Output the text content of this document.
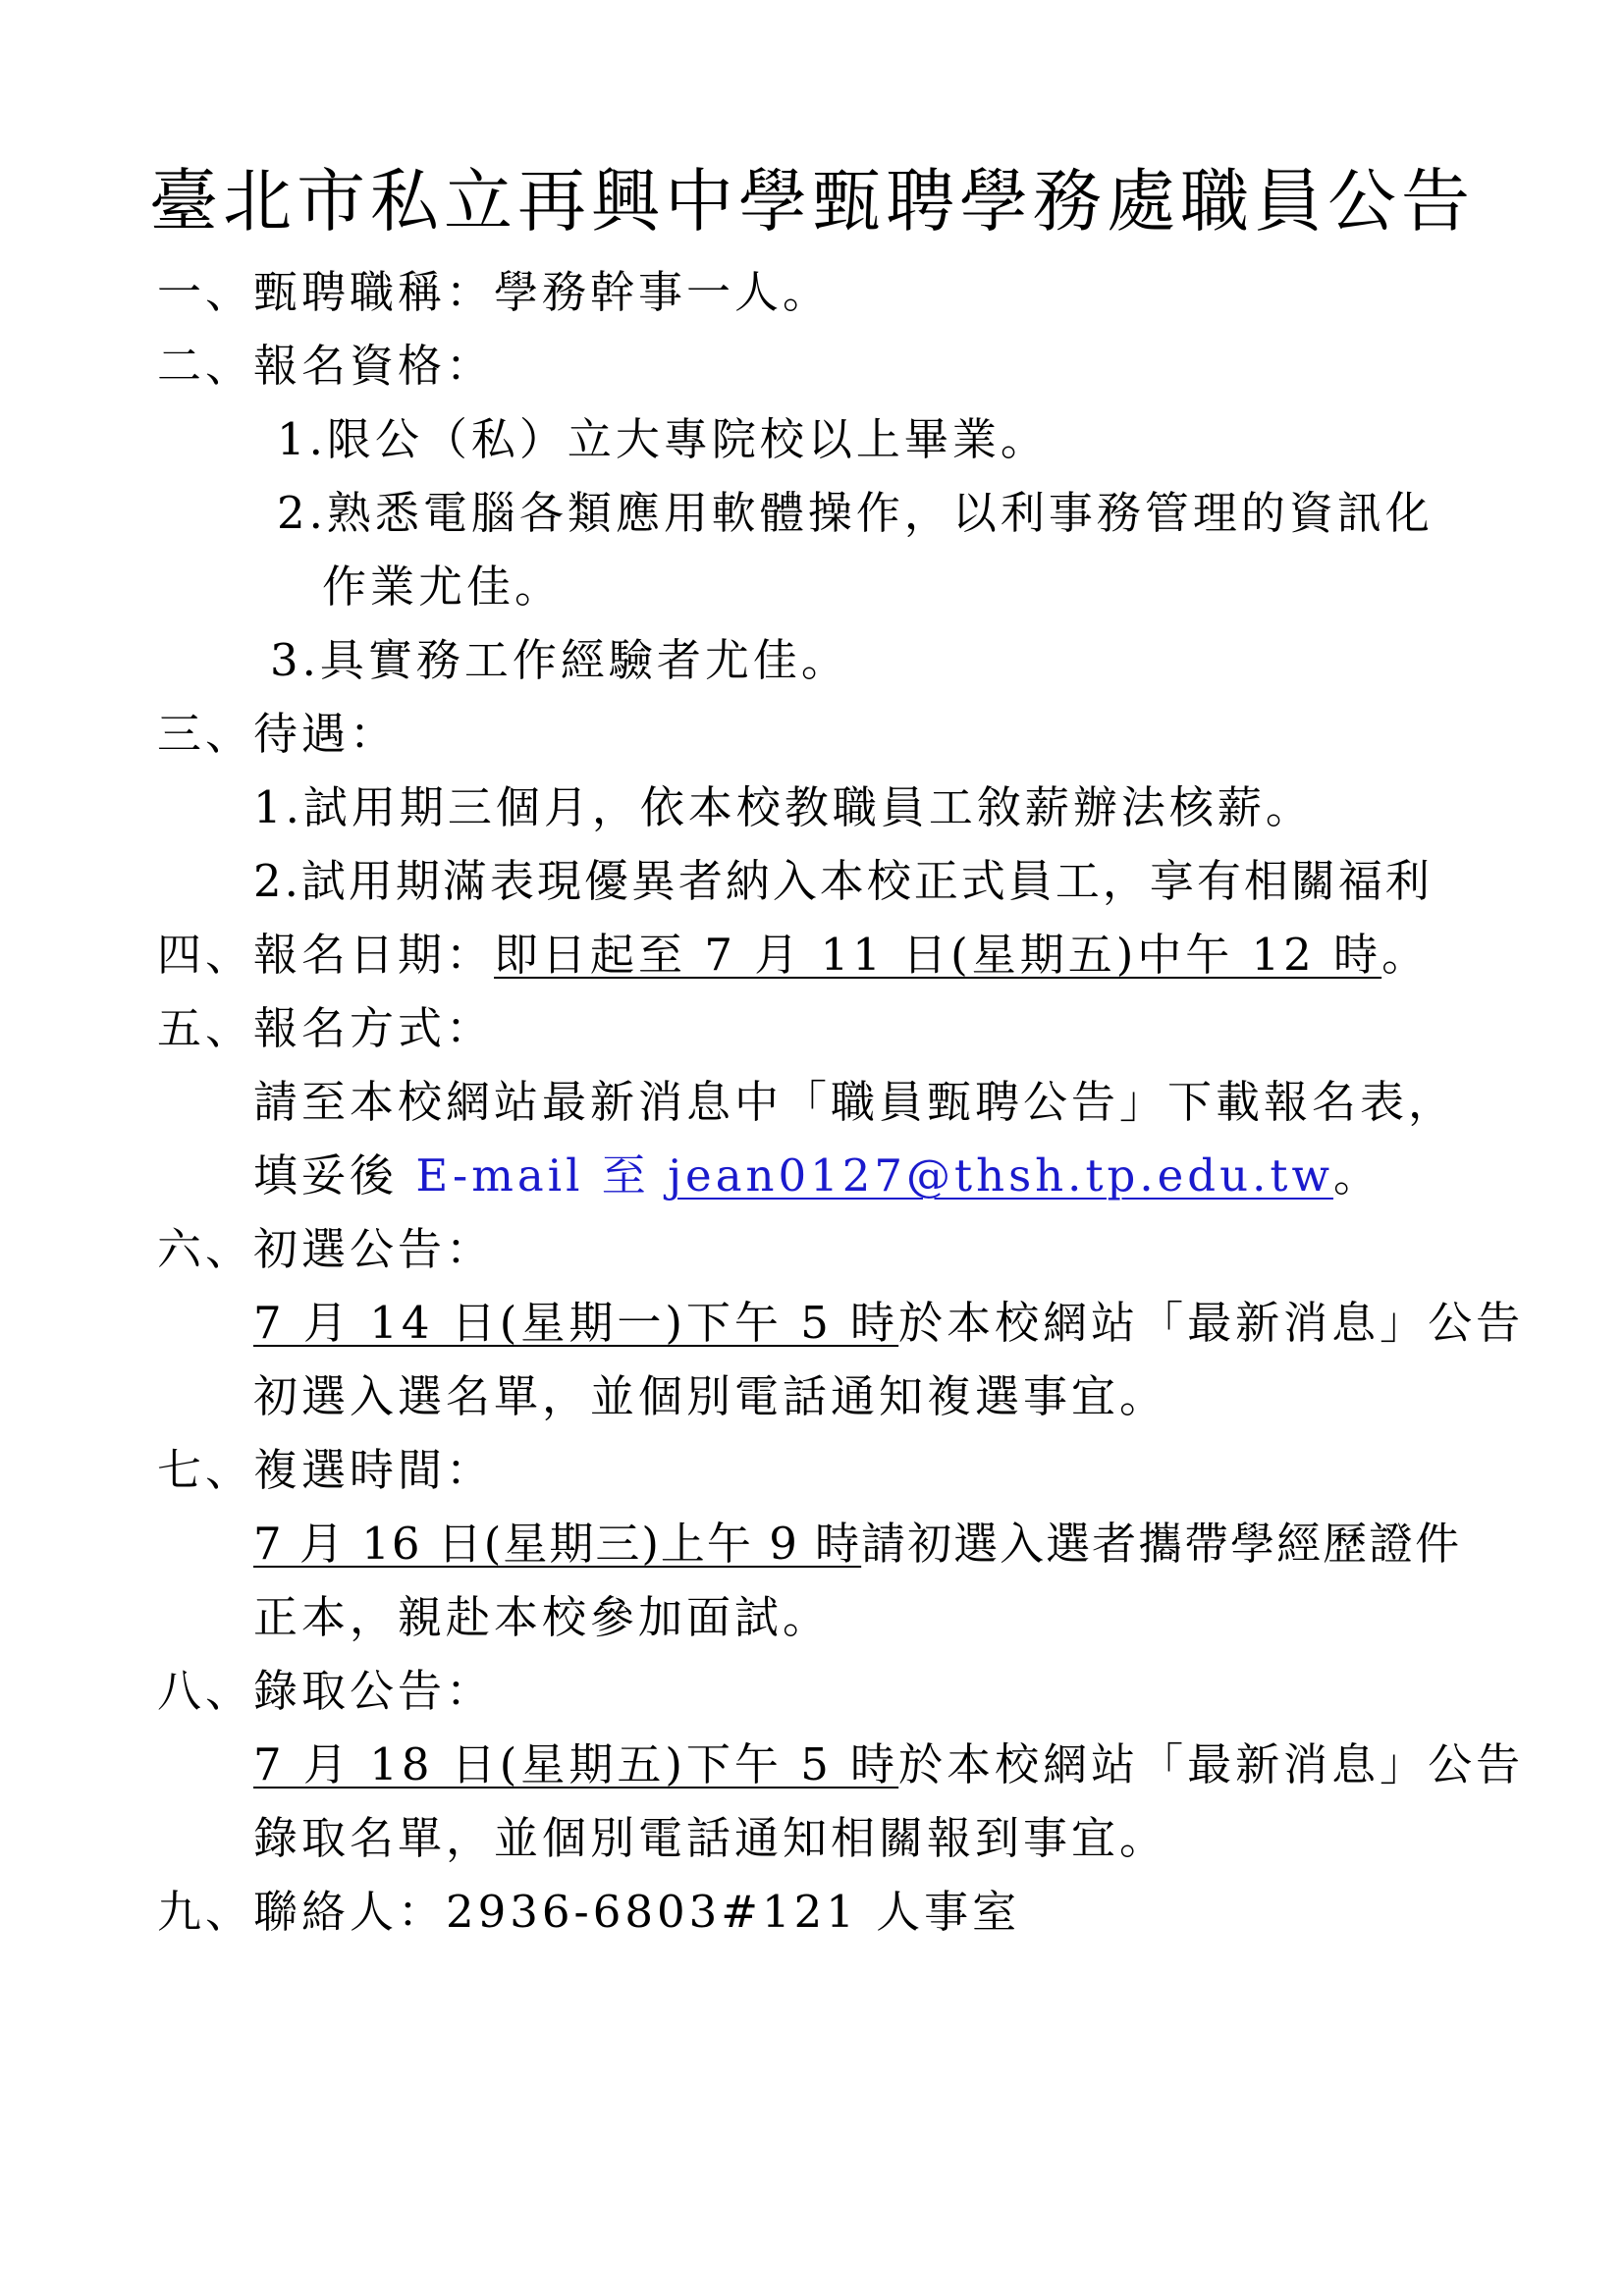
臺北市私立再興中學甄聘學務處職員公告
一、甄聘職稱：學務幹事一人。
二、報名資格：
1.限公（私）立大專院校以上畢業。
2.熟悉電腦各類應用軟體操作，以利事務管理的資訊化
作業尤佳。
3.具實務工作經驗者尤佳。
三、待遇：
1.試用期三個月，依本校教職員工敘薪辦法核薪。
2.試用期滿表現優異者納入本校正式員工，享有相關福利
四、報名日期：即日起至 7 月 11 日(星期五)中午 12 時。
五、報名方式：
請至本校網站最新消息中「職員甄聘公告」下載報名表，
填妥後 E-mail 至 jean0127@thsh.tp.edu.tw。
六、初選公告：
7 月 14 日(星期一)下午 5 時於本校網站「最新消息」公告
初選入選名單，並個別電話通知複選事宜。
七、複選時間：
7 月 16 日(星期三)上午 9 時請初選入選者攜帶學經歷證件
正本，親赴本校參加面試。
八、錄取公告：
7 月 18 日(星期五)下午 5 時於本校網站「最新消息」公告
錄取名單，並個別電話通知相關報到事宜。
九、聯絡人：2936-6803#121 人事室
